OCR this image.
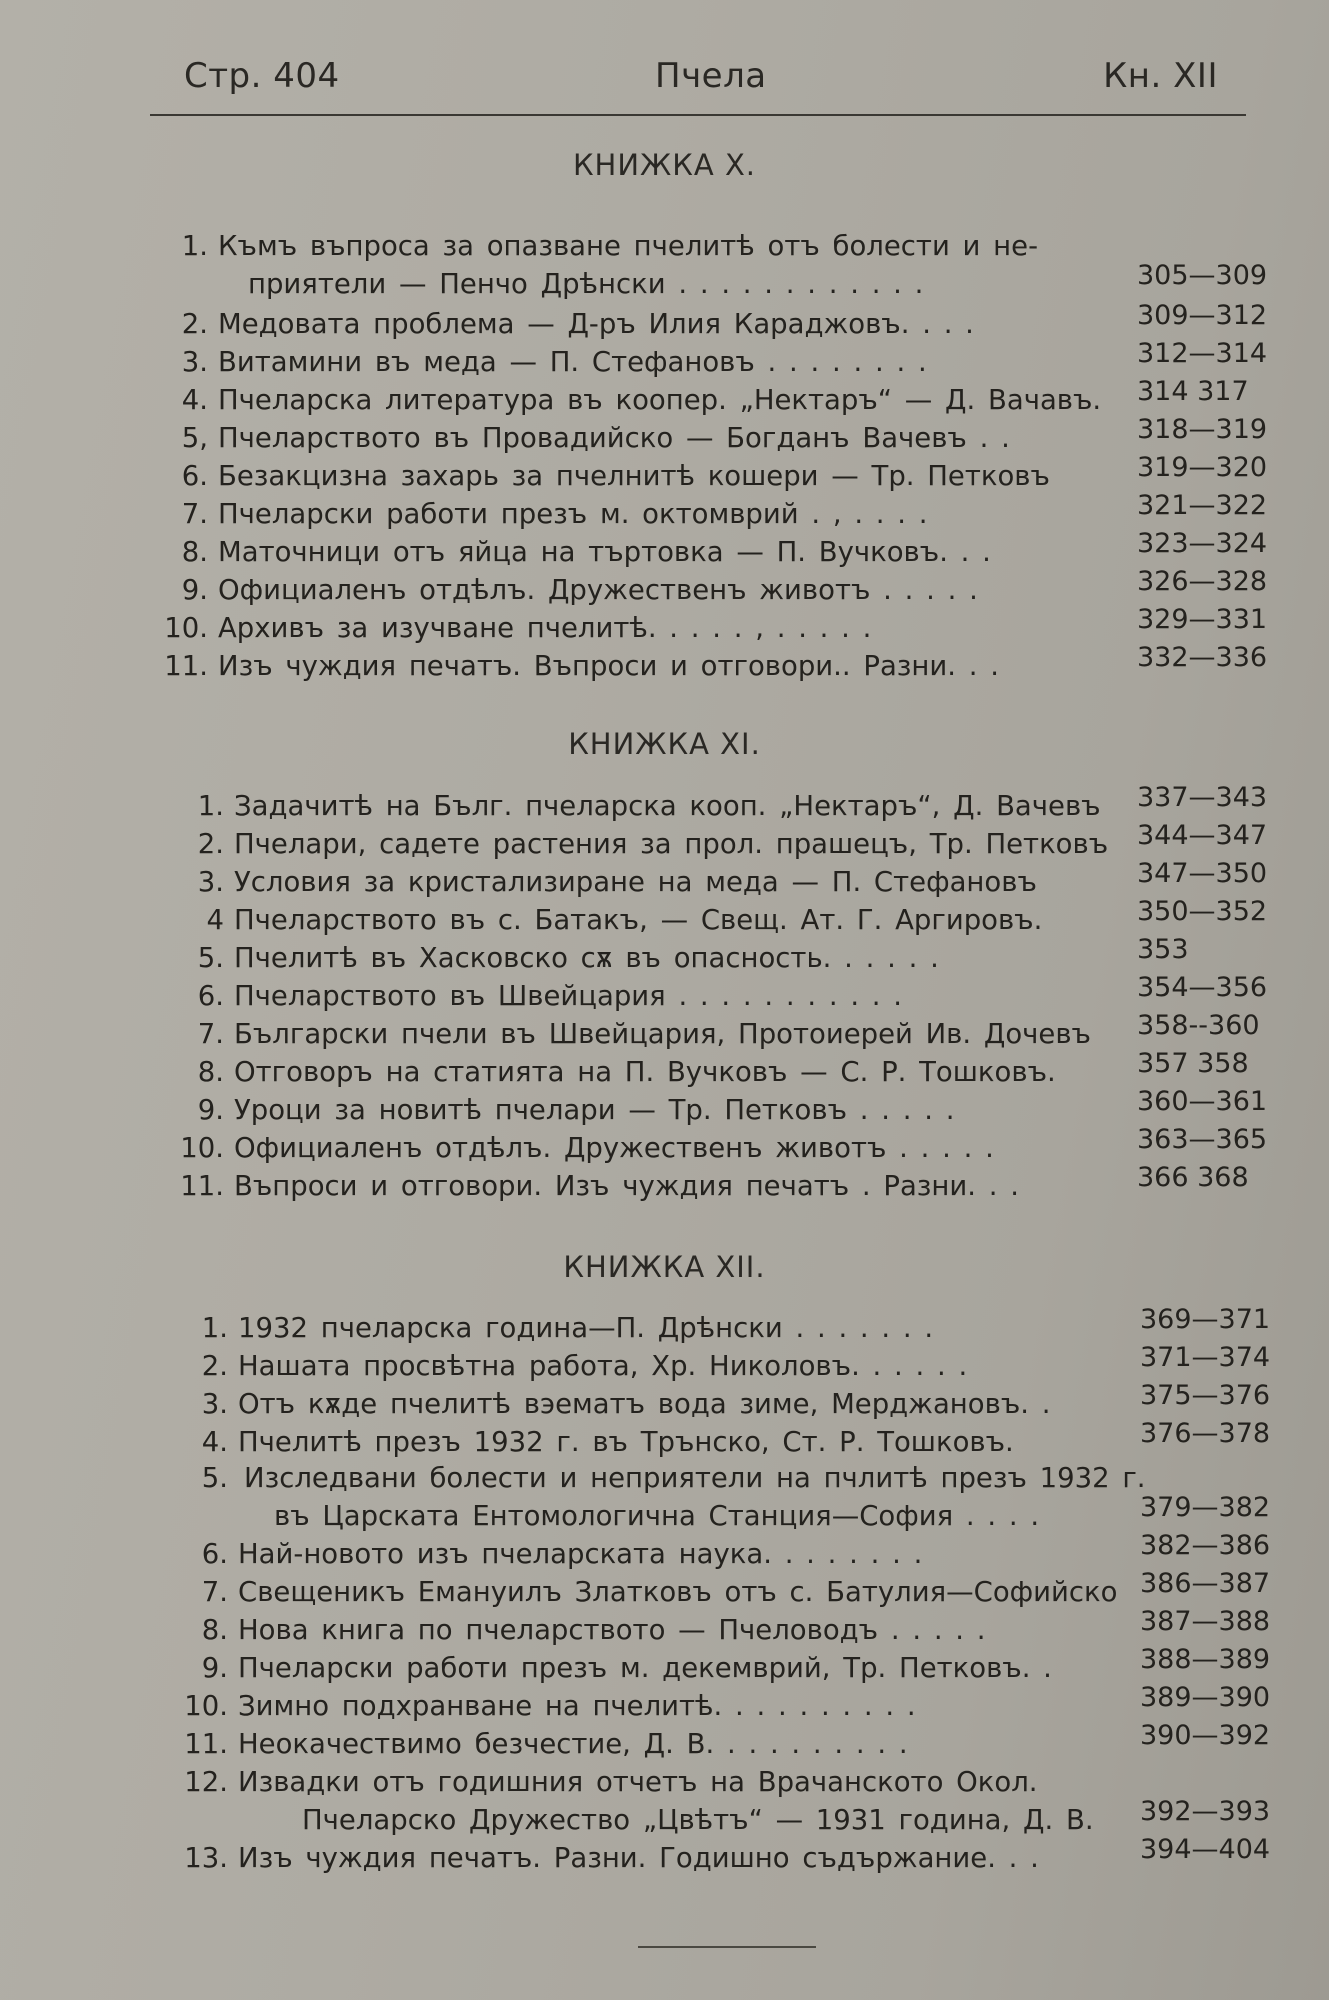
Стр. 404	Пчела	Кн. XII
КНИЖКА X.
1. Къмъ въпроса за опазване пчелитѣ отъ болести и не-
приятели — Пенчо Дрѣнски . . . . . . . . . . . .	305—309
2. Медовата проблема — Д-ръ Илия Караджовъ. . . .	309—312
3. Витамини въ меда — П. Стефановъ . . . . . . . .	312—314
4. Пчеларска литература въ коопер. „Нектаръ“ — Д. Вачавъ. 314 317
5, Пчеларството въ Провадийско — Богданъ Вачевъ . .	318—319
6. Безакцизна захарь за пчелнитѣ кошери — Тр. Петковъ	319—320
7. Пчеларски работи презъ м. октомврий . , . . . .	321—322
8. Маточници отъ яйца на търтовка — П. Вучковъ. . .	323—324
9. Официаленъ отдѣлъ. Дружественъ животъ . . . . .	326—328
10. Архивъ за изучване пчелитѣ. . . . . , . . . . .	329—331
11. Изъ чуждия печатъ. Въпроси и отговори.. Разни. . .	332—336
КНИЖКА XI.
1. Задачитѣ на Бълг. пчеларска кооп. „Нектаръ“, Д. Вачевъ 337—343
2. Пчелари, садете растения за прол. прашецъ, Тр. Петковъ 344—347
3. Условия за кристализиране на меда — П. Стефановъ	347—350
4 Пчеларството въ с. Батакъ, — Свещ. Ат. Г. Аргировъ.	350—352
5. Пчелитѣ въ Хасковско сѫ въ опасность. . . . . .	353
6. Пчеларството въ Швейцария . . . . . . . . . . .	354—356
7. Български пчели въ Швейцария, Протоиерей Ив. Дочевъ 358--360
8. Отговоръ на статията на П. Вучковъ — С. Р. Тошковъ.	357 358
9. Уроци за новитѣ пчелари — Тр. Петковъ . . . . .	360—361
10. Официаленъ отдѣлъ. Дружественъ животъ . . . . .	363—365
11. Въпроси и отговори. Изъ чуждия печатъ . Разни. . .	366 368
КНИЖКА XII.
1. 1932 пчеларска година—П. Дрѣнски . . . . . . .	369—371
2. Нашата просвѣтна работа, Хр. Николовъ. . . . . .	371—374
3. Отъ кѫде пчелитѣ вэематъ вода зиме, Мерджановъ. .	375—376
4. Пчелитѣ презъ 1932 г. въ Трънско, Ст. Р. Тошковъ.	376—378
5. Изследвани болести и неприятели на пчлитѣ презъ 1932 г.
въ Царската Ентомологична Станция—София . . . .	379—382
6. Най-новото изъ пчеларската наука. . . . . . . .	382—386
7. Свещеникъ Емануилъ Златковъ отъ с. Батулия—Софийско 386—387
8. Нова книга по пчеларството — Пчеловодъ . . . . .	387—388
9. Пчеларски работи презъ м. декемврий, Тр. Петковъ. .	388—389
10. Зимно подхранване на пчелитѣ. . . . . . . . . .	389—390
11. Неокачествимо безчестие, Д. В. . . . . . . . . .	390—392
12. Извадки отъ годишния отчетъ на Врачанското Окол.
Пчеларско Дружество „Цвѣтъ“ — 1931 година, Д. В. 392—393
13. Изъ чуждия печатъ. Разни. Годишно съдържание. . .	394—404
